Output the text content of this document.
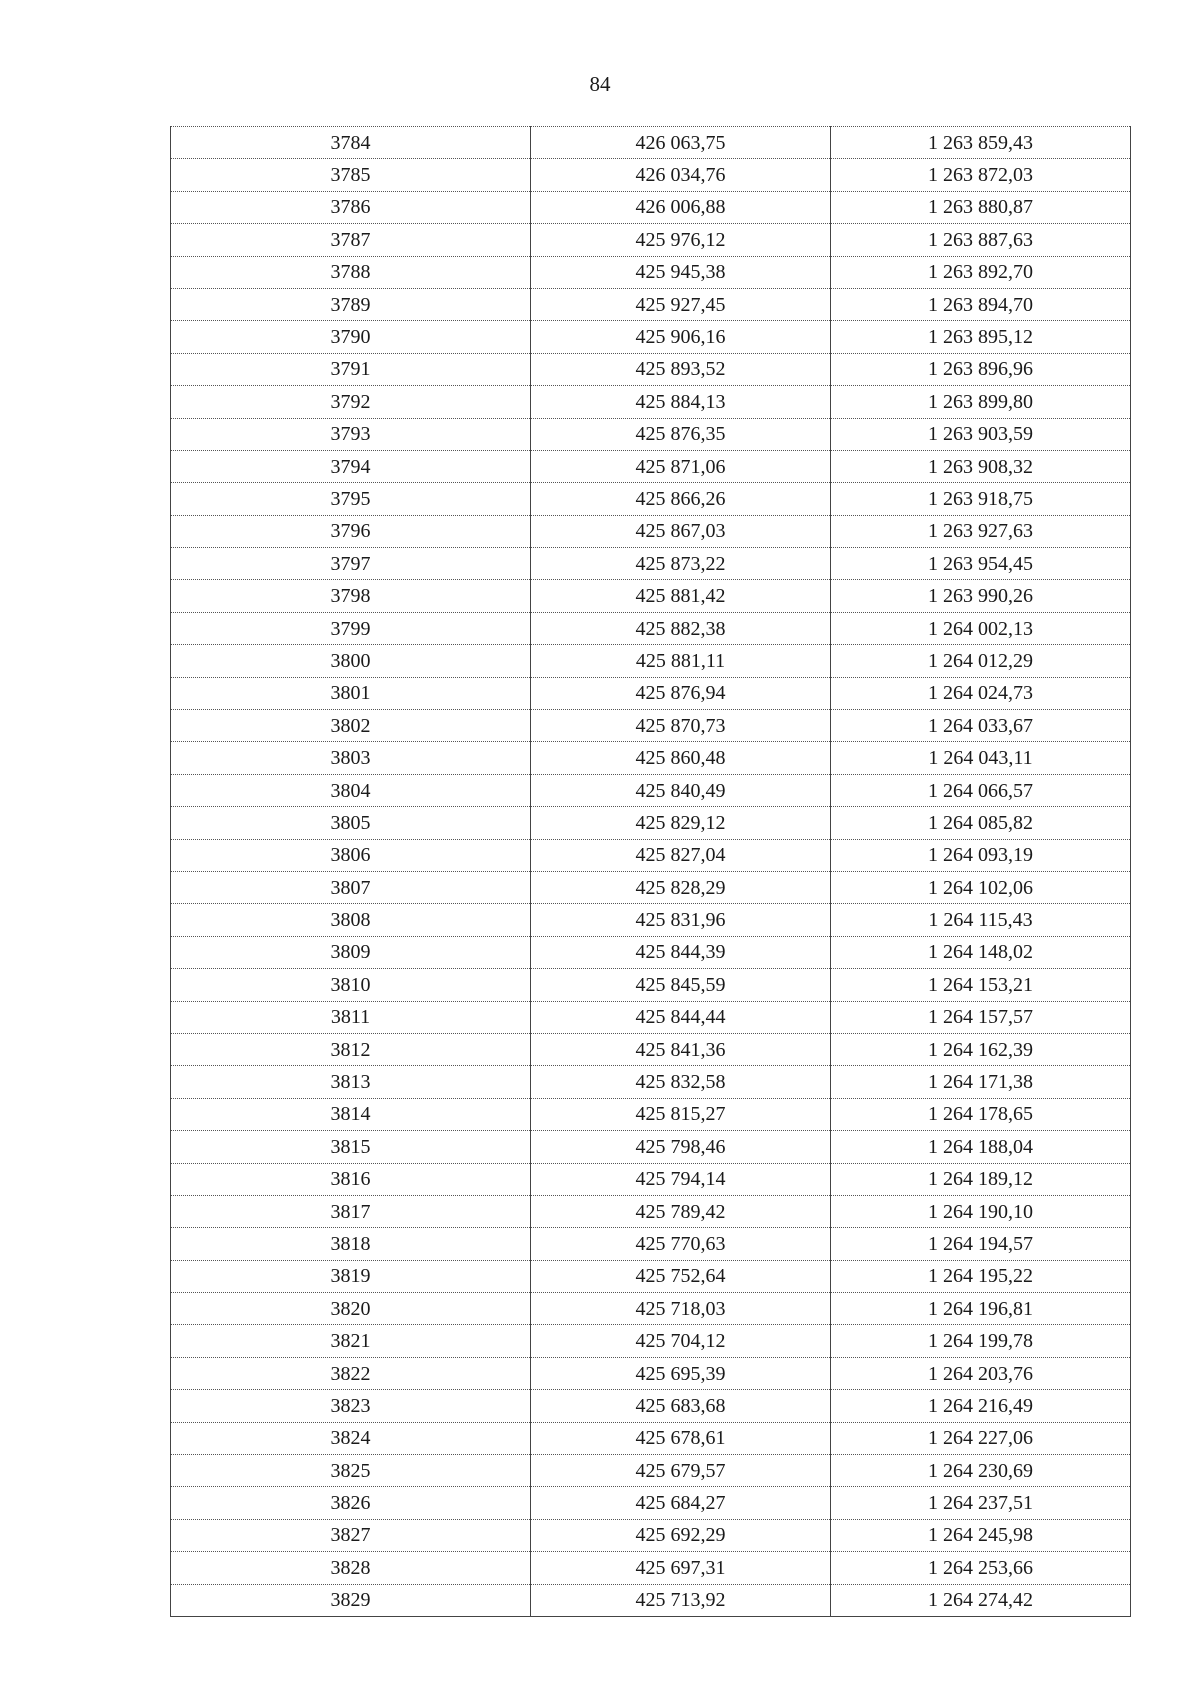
84
3784	426 063,75	1 263 859,43
3785	426 034,76	1 263 872,03
3786	426 006,88	1 263 880,87
3787	425 976,12	1 263 887,63
3788	425 945,38	1 263 892,70
3789	425 927,45	1 263 894,70
3790	425 906,16	1 263 895,12
3791	425 893,52	1 263 896,96
3792	425 884,13	1 263 899,80
3793	425 876,35	1 263 903,59
3794	425 871,06	1 263 908,32
3795	425 866,26	1 263 918,75
3796	425 867,03	1 263 927,63
3797	425 873,22	1 263 954,45
3798	425 881,42	1 263 990,26
3799	425 882,38	1 264 002,13
3800	425 881,11	1 264 012,29
3801	425 876,94	1 264 024,73
3802	425 870,73	1 264 033,67
3803	425 860,48	1 264 043,11
3804	425 840,49	1 264 066,57
3805	425 829,12	1 264 085,82
3806	425 827,04	1 264 093,19
3807	425 828,29	1 264 102,06
3808	425 831,96	1 264 115,43
3809	425 844,39	1 264 148,02
3810	425 845,59	1 264 153,21
3811	425 844,44	1 264 157,57
3812	425 841,36	1 264 162,39
3813	425 832,58	1 264 171,38
3814	425 815,27	1 264 178,65
3815	425 798,46	1 264 188,04
3816	425 794,14	1 264 189,12
3817	425 789,42	1 264 190,10
3818	425 770,63	1 264 194,57
3819	425 752,64	1 264 195,22
3820	425 718,03	1 264 196,81
3821	425 704,12	1 264 199,78
3822	425 695,39	1 264 203,76
3823	425 683,68	1 264 216,49
3824	425 678,61	1 264 227,06
3825	425 679,57	1 264 230,69
3826	425 684,27	1 264 237,51
3827	425 692,29	1 264 245,98
3828	425 697,31	1 264 253,66
3829	425 713,92	1 264 274,42
